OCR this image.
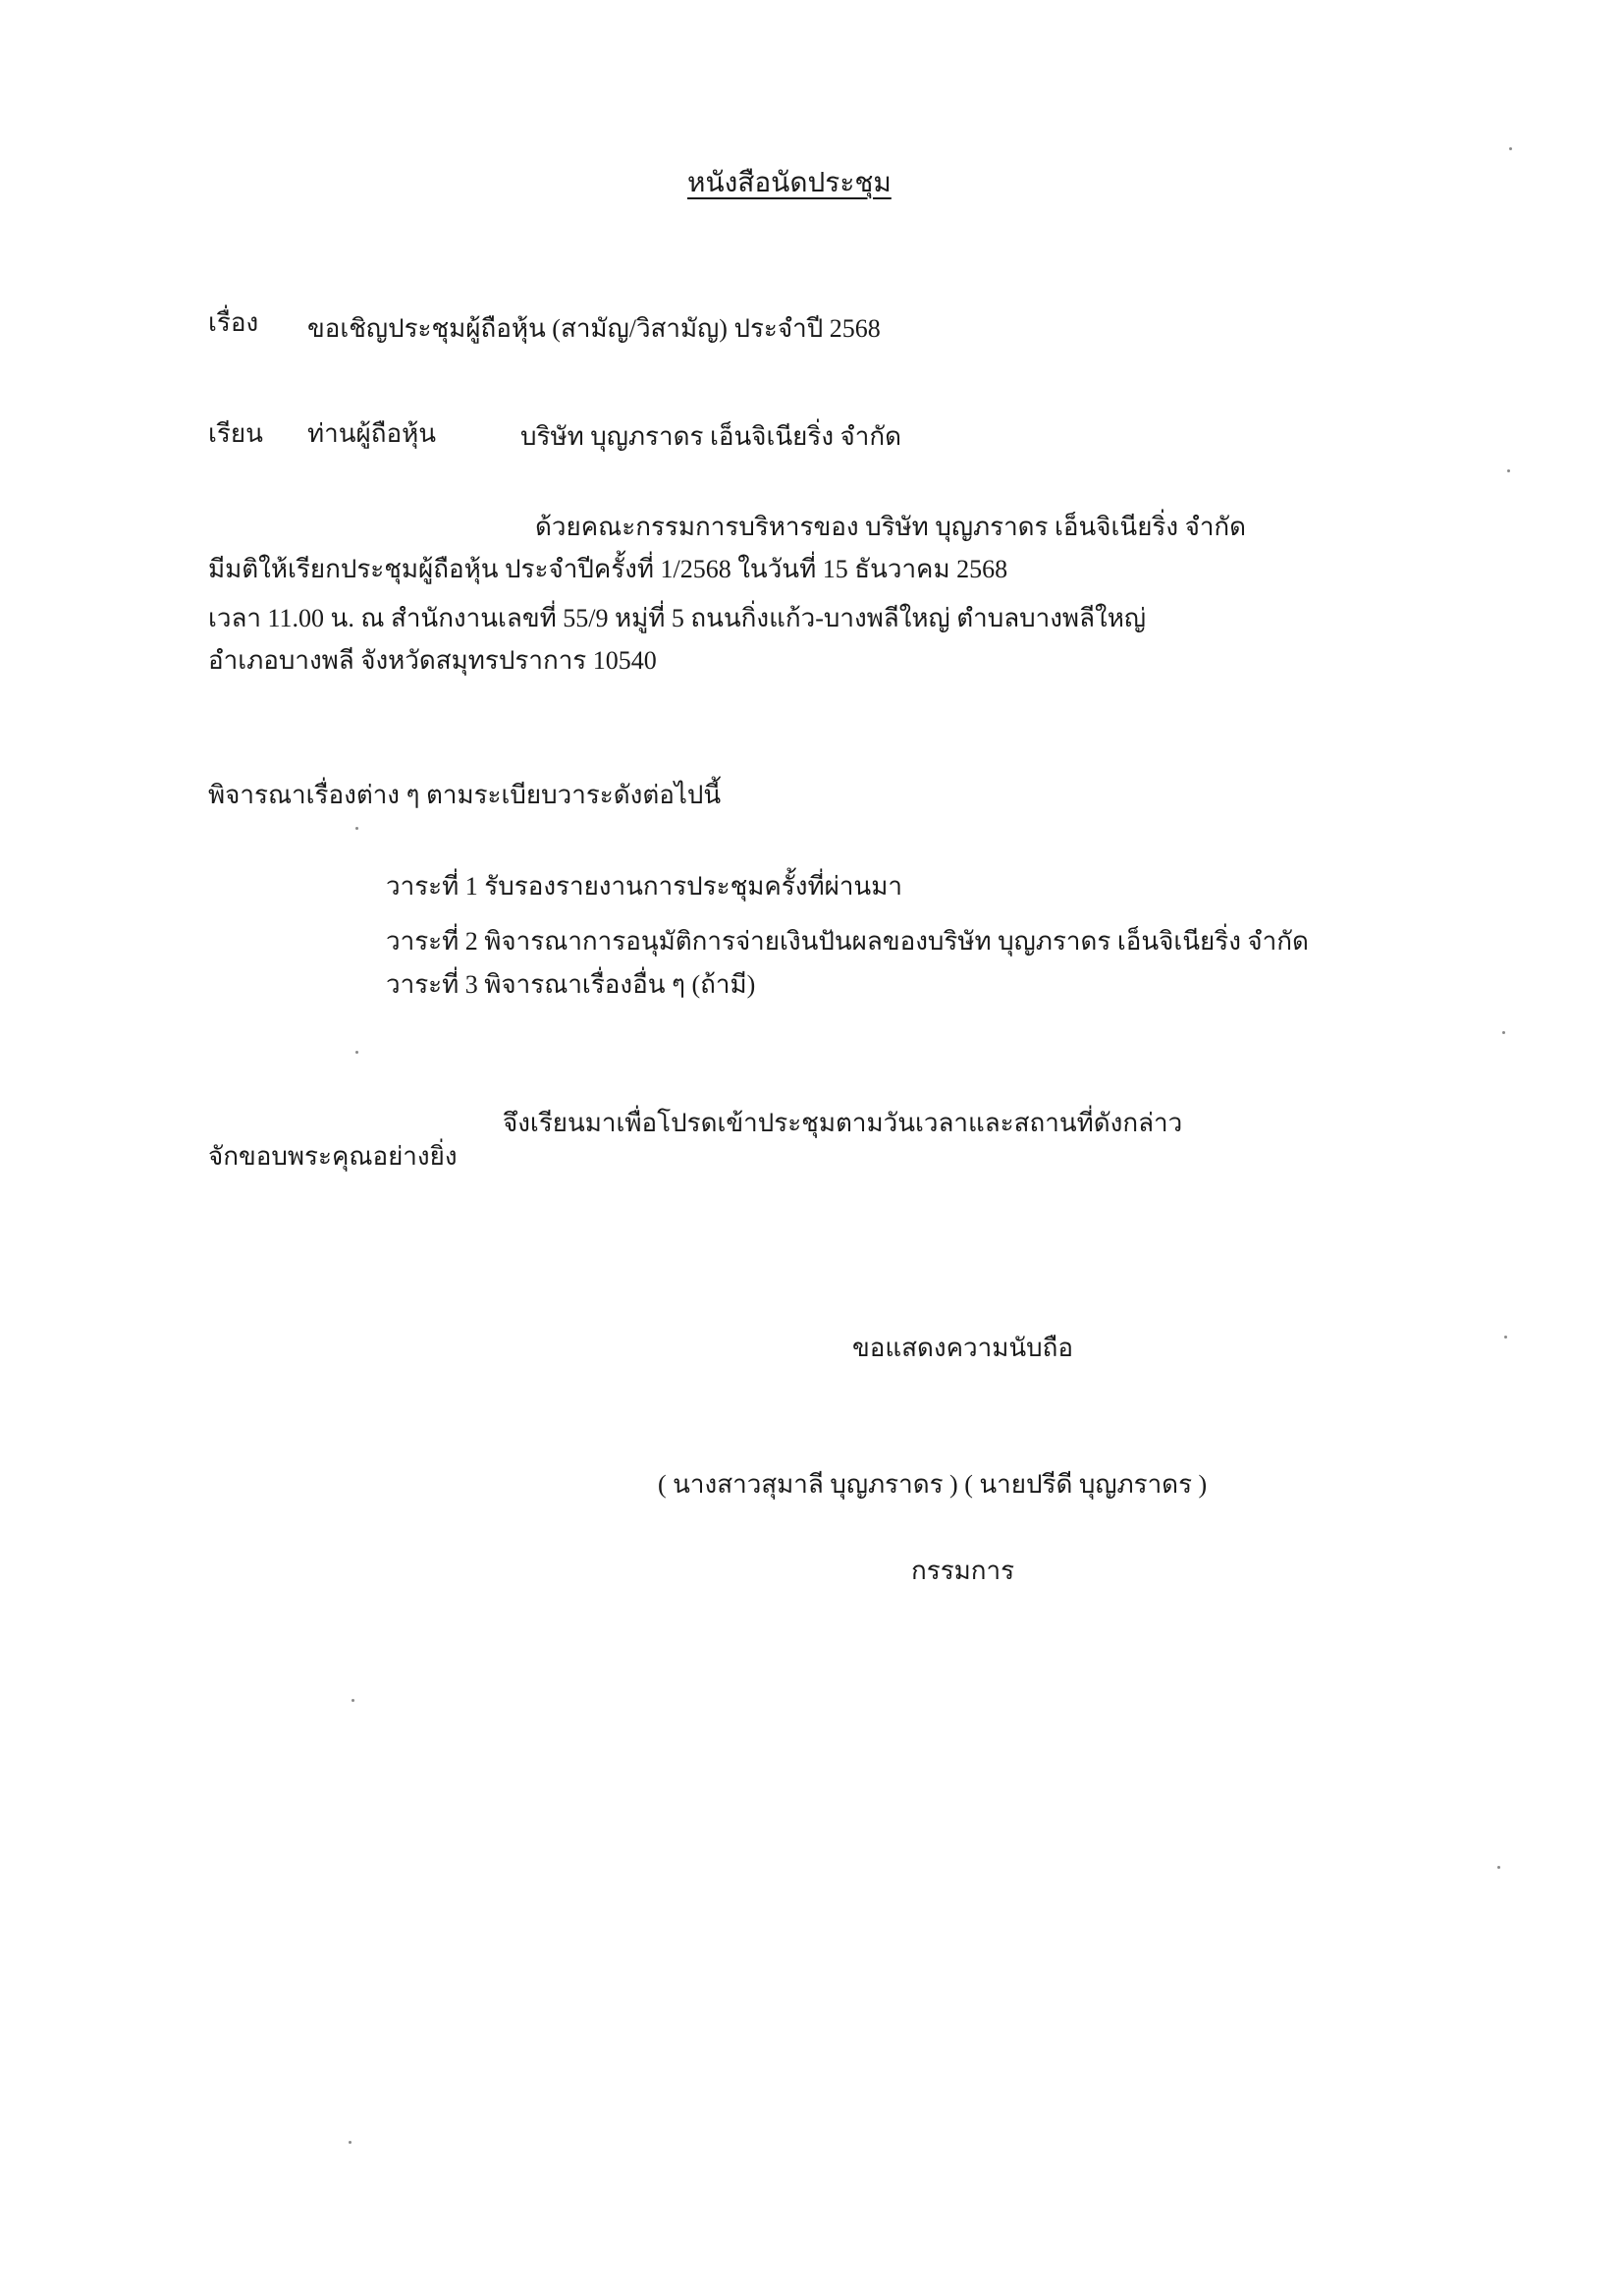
หนังสือนัดประชุม

เรื่อง ขอเชิญประชุมผู้ถือหุ้น (สามัญ/วิสามัญ) ประจำปี 2568

เรียน ท่านผู้ถือหุ้น	บริษัท บุญภราดร เอ็นจิเนียริ่ง จำกัด

ด้วยคณะกรรมการบริหารของ บริษัท บุญภราดร เอ็นจิเนียริ่ง จำกัด

มีมติให้เรียกประชุมผู้ถือหุ้น ประจำปีครั้งที่ 1/2568 ในวันที่ 15 ธันวาคม 2568

เวลา 11.00 น. ณ สำนักงานเลขที่ 55/9 หมู่ที่ 5 ถนนกิ่งแก้ว-บางพลีใหญ่ ตำบลบางพลีใหญ่

อำเภอบางพลี จังหวัดสมุทรปราการ 10540

พิจารณาเรื่องต่าง ๆ ตามระเบียบวาระดังต่อไปนี้

วาระที่ 1 รับรองรายงานการประชุมครั้งที่ผ่านมา

วาระที่ 2 พิจารณาการอนุมัติการจ่ายเงินปันผลของบริษัท บุญภราดร เอ็นจิเนียริ่ง จำกัด

วาระที่ 3 พิจารณาเรื่องอื่น ๆ (ถ้ามี)

จึงเรียนมาเพื่อโปรดเข้าประชุมตามวันเวลาและสถานที่ดังกล่าว

จักขอบพระคุณอย่างยิ่ง

ขอแสดงความนับถือ

( นางสาวสุมาลี บุญภราดร ) ( นายปรีดี บุญภราดร )

กรรมการ
